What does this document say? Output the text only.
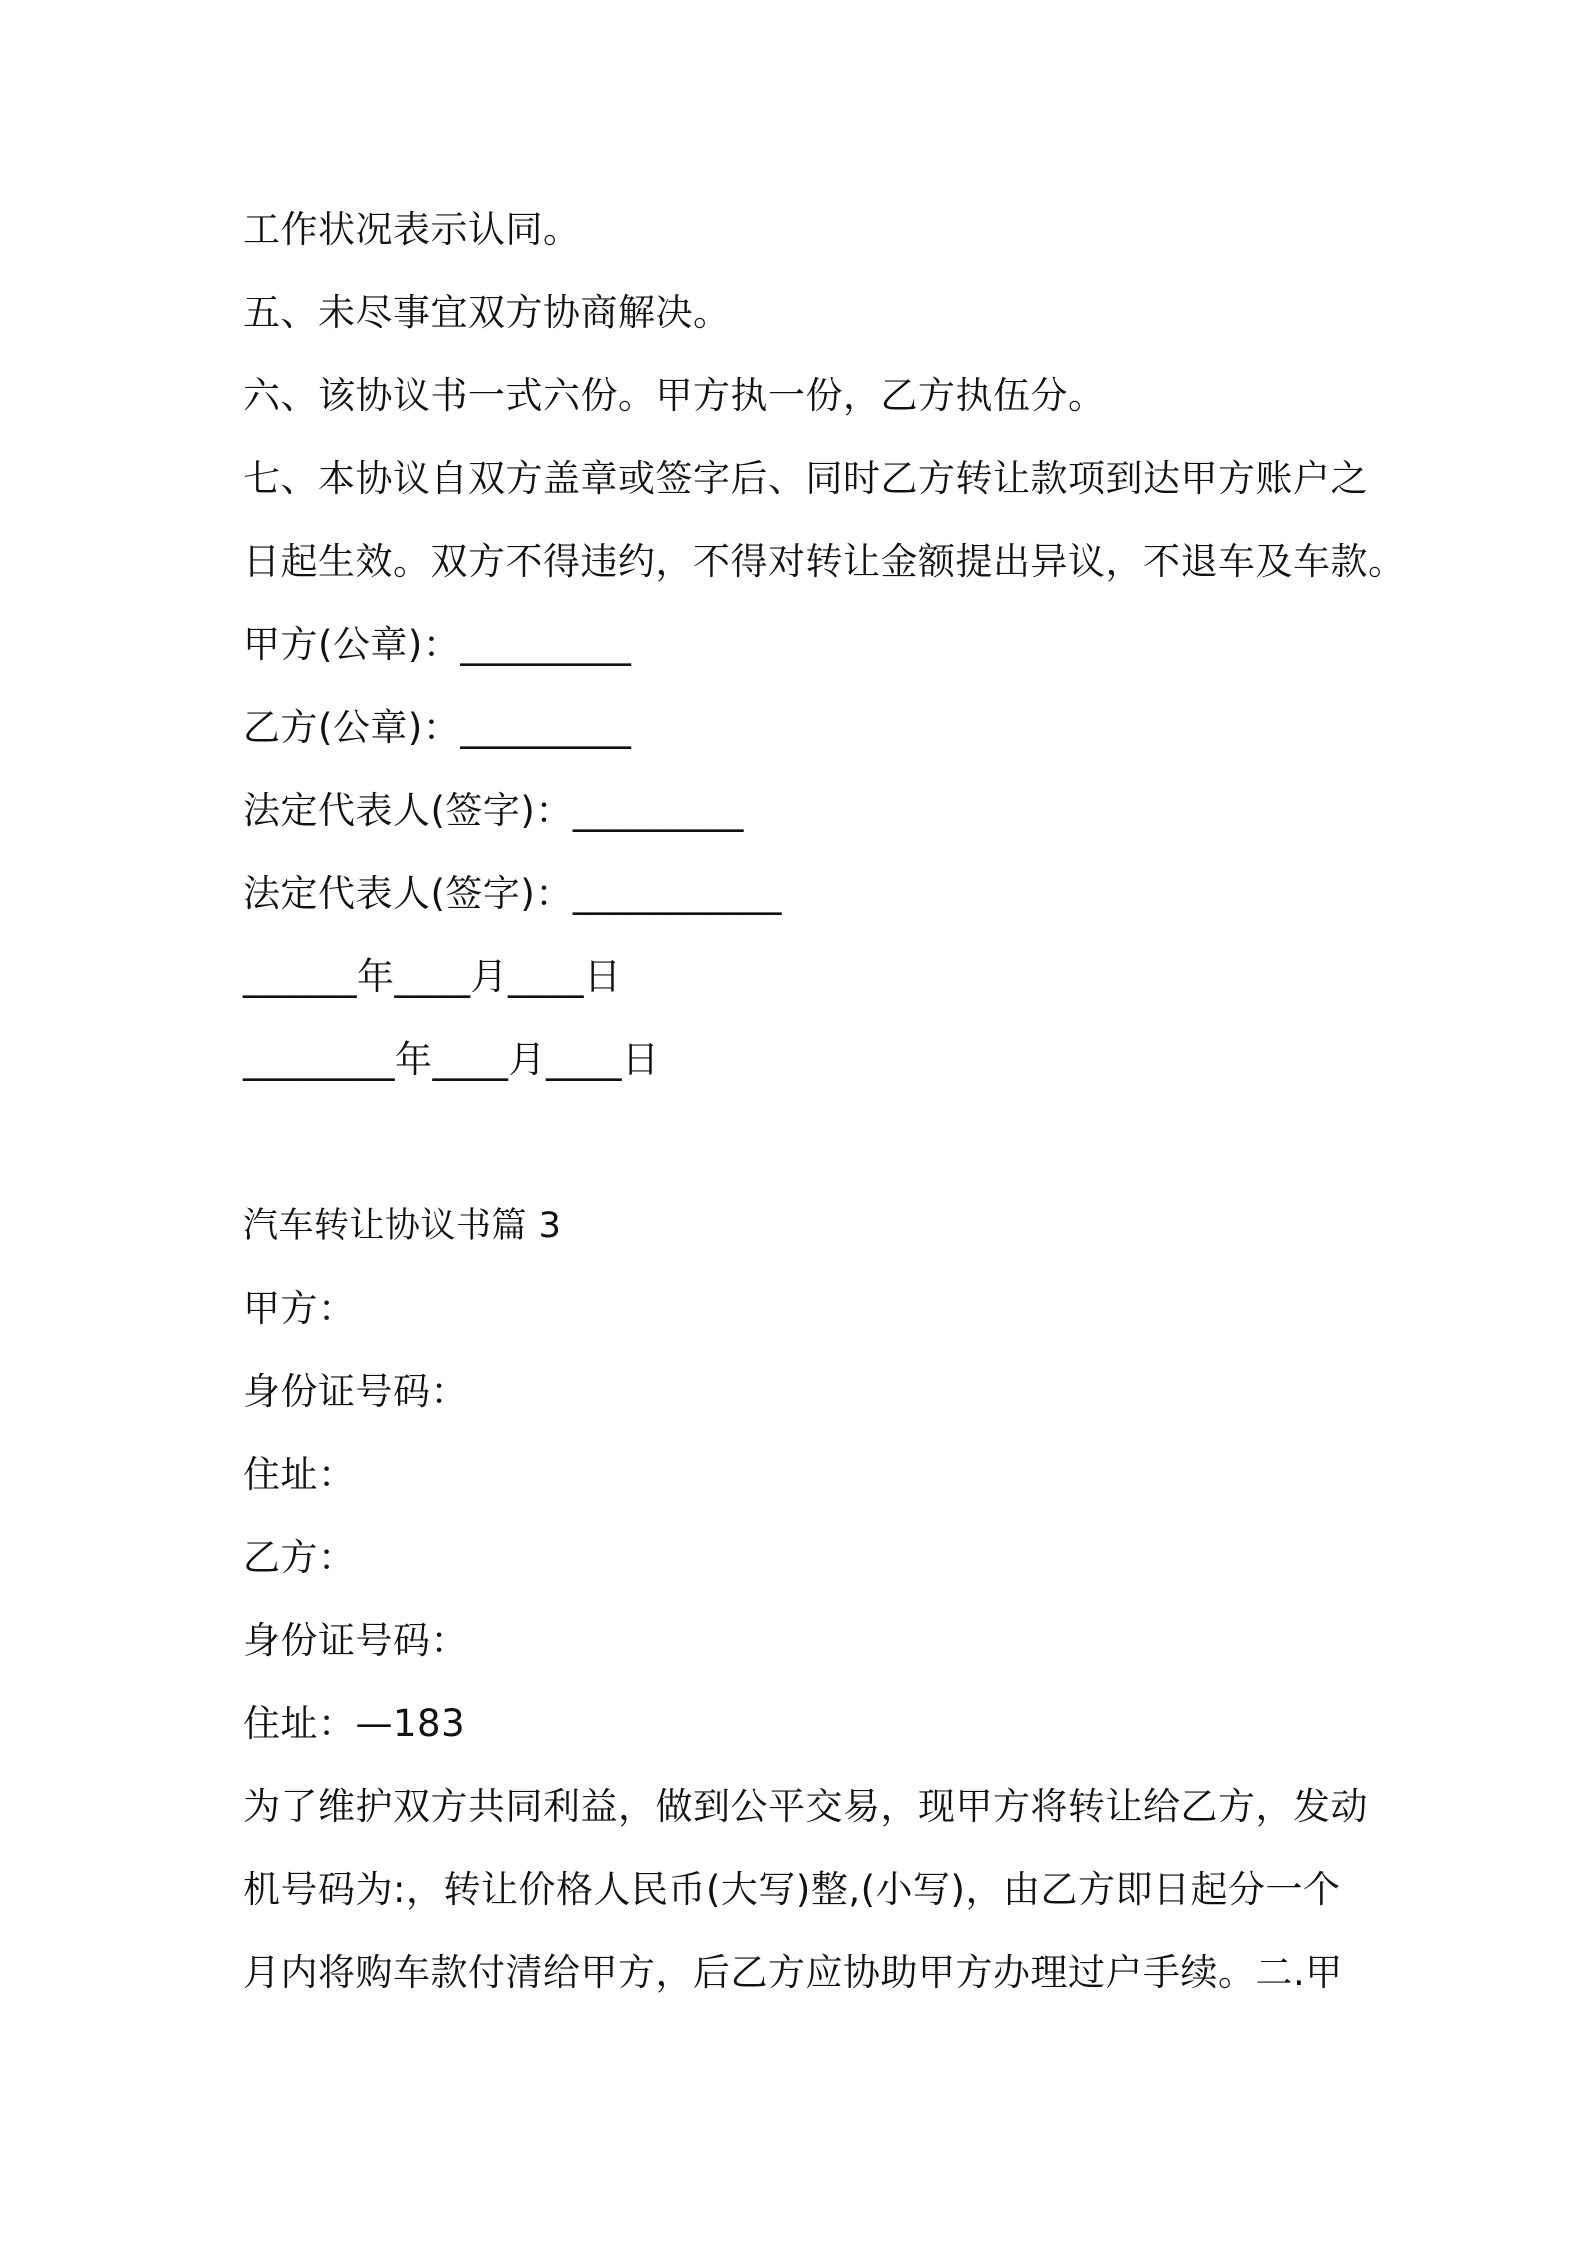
工作状况表示认同。

五、未尽事宜双方协商解决。

六、该协议书一式六份。甲方执一份，乙方执伍分。

七、本协议自双方盖章或签字后、同时乙方转让款项到达甲方账户之

日起生效。双方不得违约，不得对转让金额提出异议，不退车及车款。

甲方(公章)：_________

乙方(公章)：_________

法定代表人(签字)：_________

法定代表人(签字)：___________

______年____月____日

________年____月____日

汽车转让协议书篇 3

甲方：

身份证号码：

住址：

乙方：

身份证号码：

住址：—183

为了维护双方共同利益，做到公平交易，现甲方将转让给乙方，发动

机号码为:，转让价格人民币(大写)整,(小写)，由乙方即日起分一个

月内将购车款付清给甲方，后乙方应协助甲方办理过户手续。二.甲
